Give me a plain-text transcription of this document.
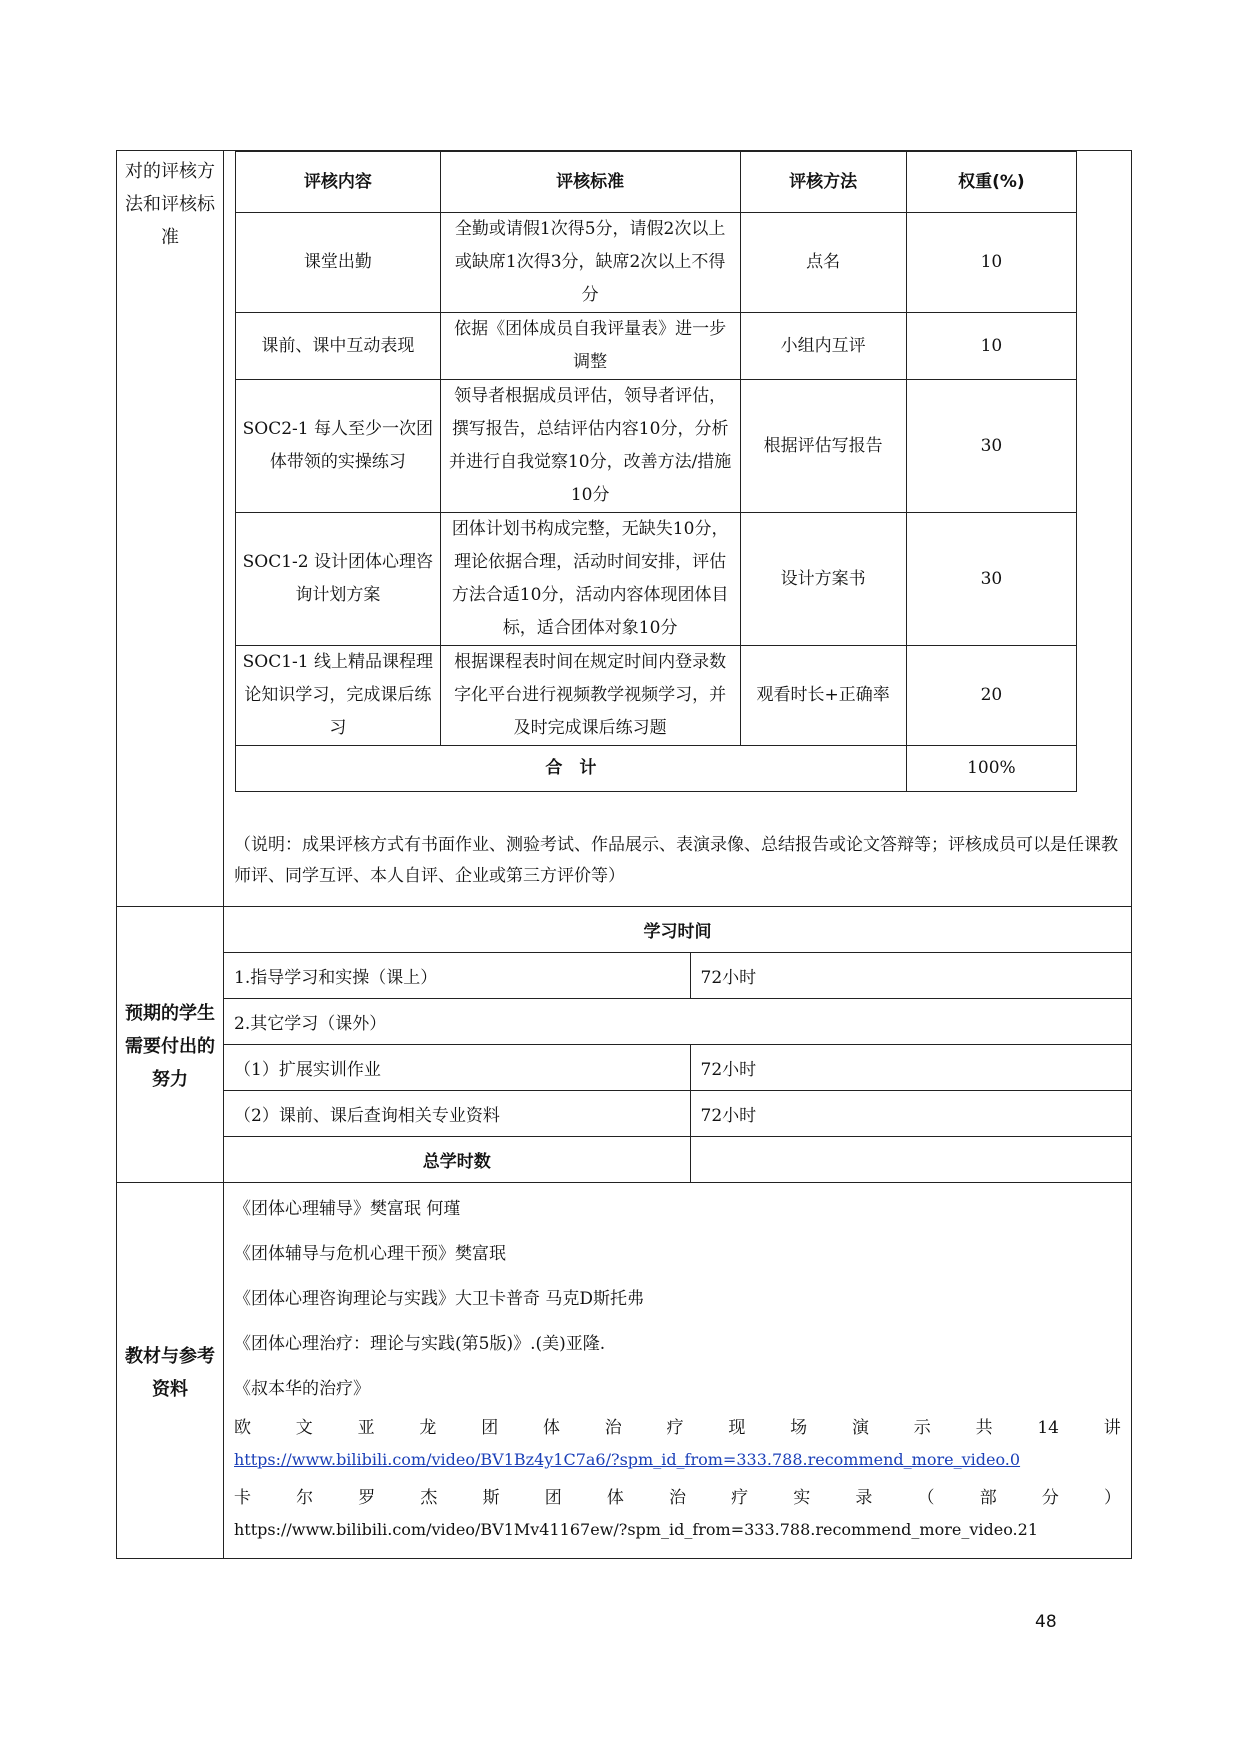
对的评核方法和评核标准

评核内容	评核标准	评核方法	权重(%)
课堂出勤	全勤或请假1次得5分，请假2次以上或缺席1次得3分，缺席2次以上不得分	点名	10
课前、课中互动表现	依据《团体成员自我评量表》进一步调整	小组内互评	10
SOC2-1 每人至少一次团体带领的实操练习	领导者根据成员评估，领导者评估，撰写报告，总结评估内容10分，分析并进行自我觉察10分，改善方法/措施10分	根据评估写报告	30
SOC1-2 设计团体心理咨询计划方案	团体计划书构成完整，无缺失10分，理论依据合理，活动时间安排，评估方法合适10分，活动内容体现团体目标，适合团体对象10分	设计方案书	30
SOC1-1 线上精品课程理论知识学习，完成课后练习	根据课程表时间在规定时间内登录数字化平台进行视频教学视频学习，并及时完成课后练习题	观看时长+正确率	20
合　计	100%
（说明：成果评核方式有书面作业、测验考试、作品展示、表演录像、总结报告或论文答辩等；评核成员可以是任课教师评、同学互评、本人自评、企业或第三方评价等）

预期的学生需要付出的努力

学习时间
1.指导学习和实操（课上）	72小时
2.其它学习（课外）
（1）扩展实训作业	72小时
（2）课前、课后查询相关专业资料	72小时
总学时数	

教材与参考资料

《团体心理辅导》樊富珉 何瑾
《团体辅导与危机心理干预》樊富珉
《团体心理咨询理论与实践》大卫卡普奇 马克D斯托弗
《团体心理治疗：理论与实践(第5版)》.(美)亚隆.
《叔本华的治疗》
欧	文	亚	龙	团	体	治	疗	现	场	演	示	共	14	讲
https://www.bilibili.com/video/BV1Bz4y1C7a6/?spm_id_from=333.788.recommend_more_video.0
卡	尔	罗	杰	斯	团	体	治	疗	实	录	（	部	分	）
https://www.bilibili.com/video/BV1Mv41167ew/?spm_id_from=333.788.recommend_more_video.21
48
